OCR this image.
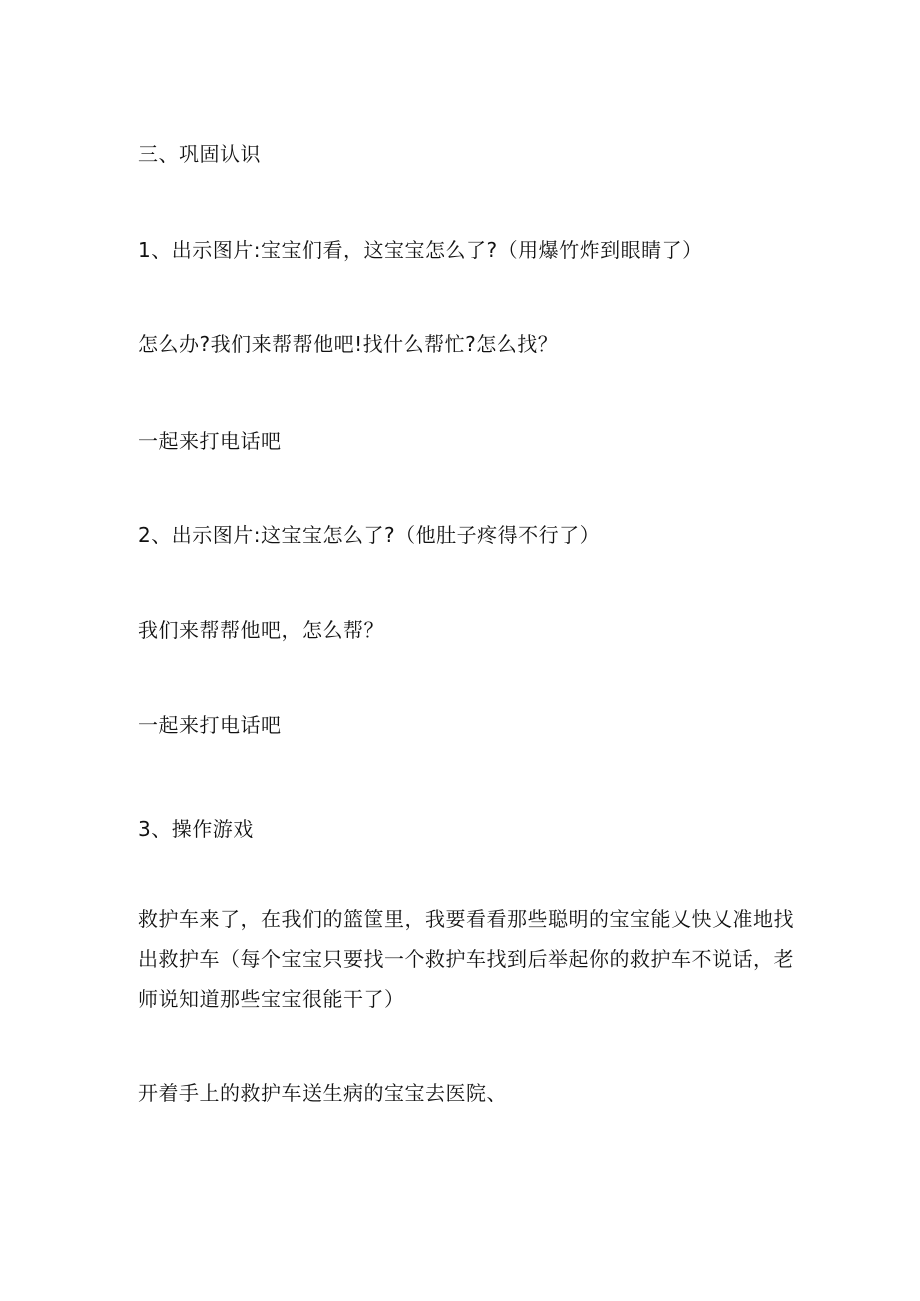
三、巩固认识
1、出示图片:宝宝们看，这宝宝怎么了?（用爆竹炸到眼睛了）
怎么办?我们来帮帮他吧!找什么帮忙?怎么找？
一起来打电话吧
2、出示图片:这宝宝怎么了?（他肚子疼得不行了）
我们来帮帮他吧，怎么帮？
一起来打电话吧
3、操作游戏
救护车来了，在我们的篮筐里，我要看看那些聪明的宝宝能乂快乂准地找
出救护车（每个宝宝只要找一个救护车找到后举起你的救护车不说话，老
师说知道那些宝宝很能干了）
开着手上的救护车送生病的宝宝去医院、
